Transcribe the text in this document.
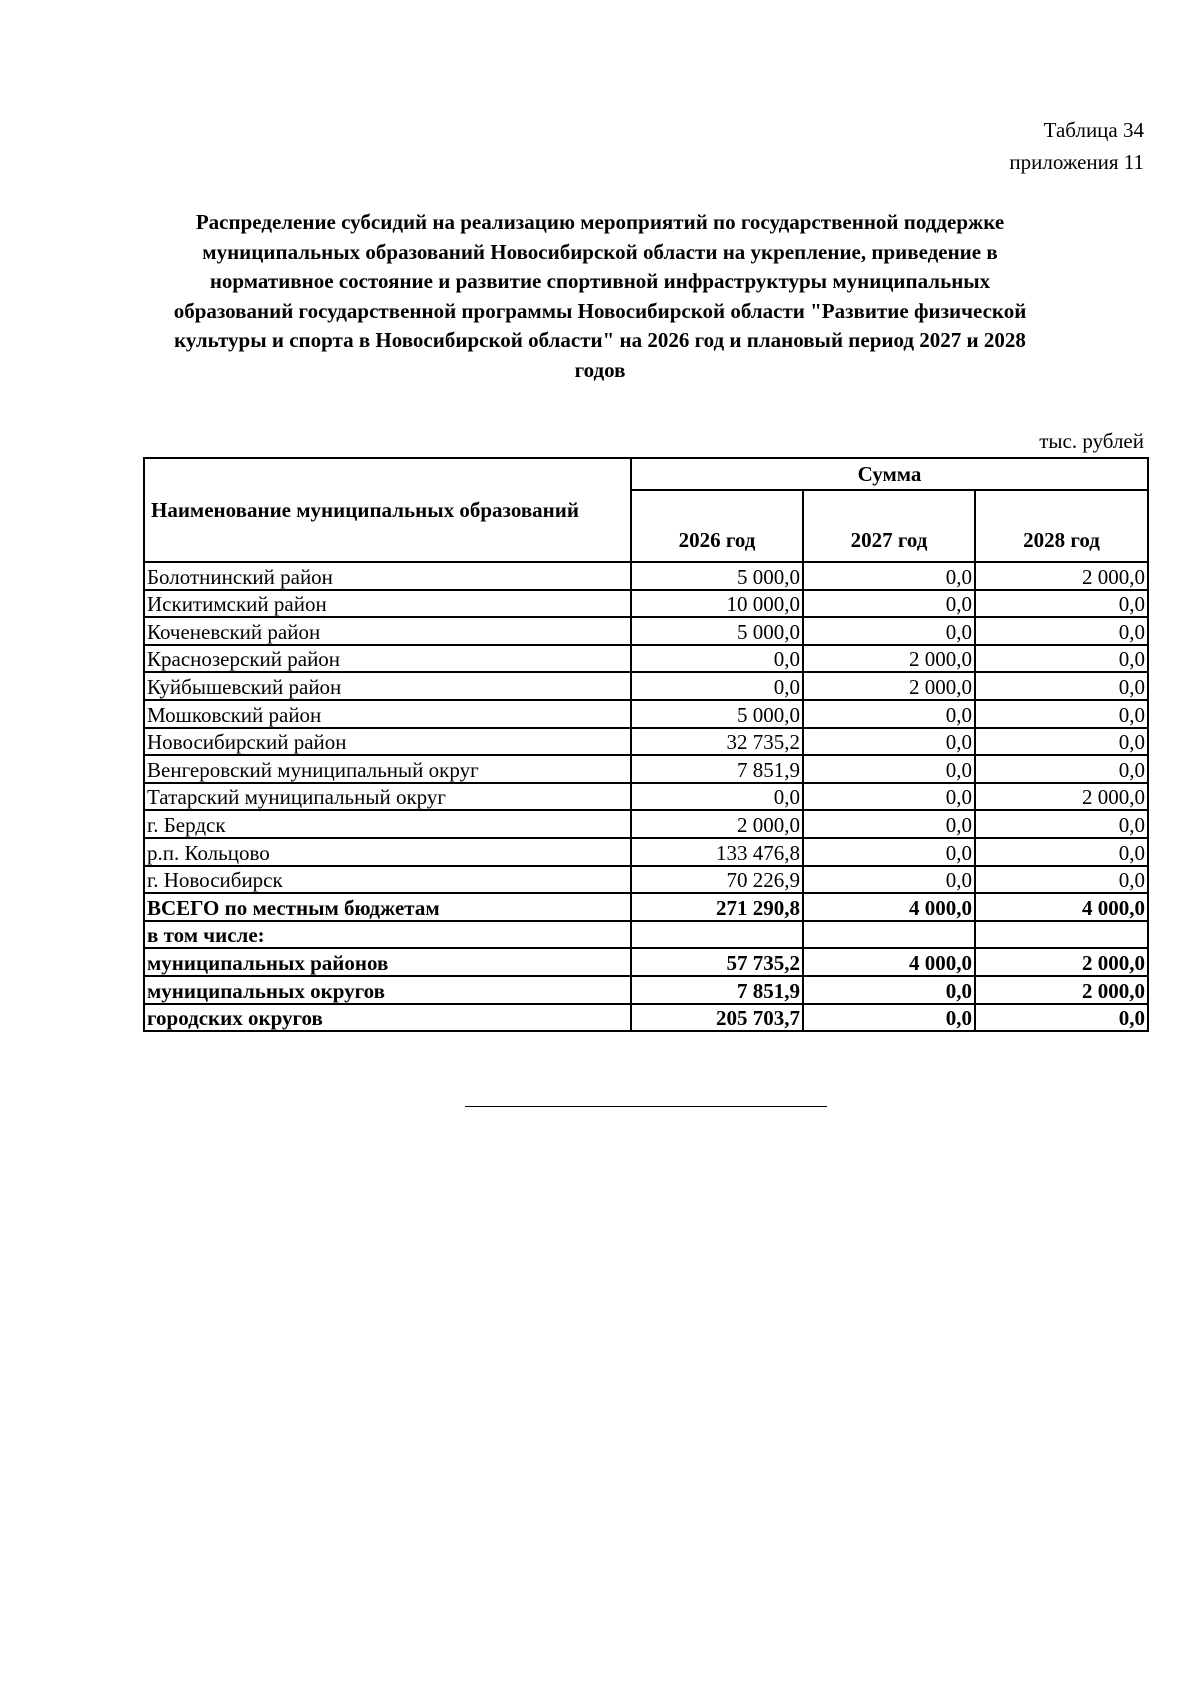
Таблица 34
приложения 11
Распределение субсидий на реализацию мероприятий по государственной поддержке
муниципальных образований Новосибирской области на укрепление, приведение в
нормативное состояние и развитие спортивной инфраструктуры муниципальных
образований государственной программы Новосибирской области "Развитие физической
культуры и спорта в Новосибирской области" на 2026 год и плановый период 2027 и 2028
годов
тыс. рублей
Наименование муниципальных образований	Сумма		
	2026 год	2027 год	2028 год
Болотнинский район	5 000,0	0,0	2 000,0
Искитимский район	10 000,0	0,0	0,0
Коченевский район	5 000,0	0,0	0,0
Краснозерский район	0,0	2 000,0	0,0
Куйбышевский район	0,0	2 000,0	0,0
Мошковский район	5 000,0	0,0	0,0
Новосибирский район	32 735,2	0,0	0,0
Венгеровский муниципальный округ	7 851,9	0,0	0,0
Татарский муниципальный округ	0,0	0,0	2 000,0
г. Бердск	2 000,0	0,0	0,0
р.п. Кольцово	133 476,8	0,0	0,0
г. Новосибирск	70 226,9	0,0	0,0
ВСЕГО по местным бюджетам	271 290,8	4 000,0	4 000,0
в том числе:			
муниципальных районов	57 735,2	4 000,0	2 000,0
муниципальных округов	7 851,9	0,0	2 000,0
городских округов	205 703,7	0,0	0,0
